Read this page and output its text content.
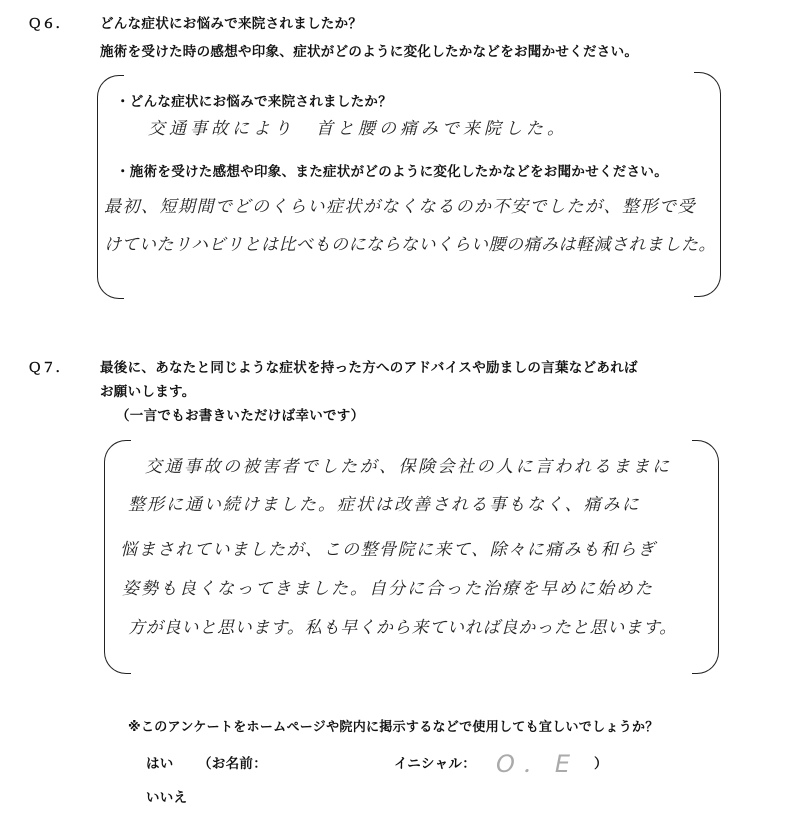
Ｑ６． どんな症状にお悩みで来院されましたか？
施術を受けた時の感想や印象、症状がどのように変化したかなどをお聞かせください。
・どんな症状にお悩みで来院されましたか？
交通事故により　首と腰の痛みで来院した。
・施術を受けた感想や印象、また症状がどのように変化したかなどをお聞かせください。
最初、短期間でどのくらい症状がなくなるのか不安でしたが、整形で受
けていたリハビリとは比べものにならないくらい腰の痛みは軽減されました。
Ｑ７． 最後に、あなたと同じような症状を持った方へのアドバイスや励ましの言葉などあれば
お願いします。
（一言でもお書きいただけば幸いです）
交通事故の被害者でしたが、保険会社の人に言われるままに
整形に通い続けました。症状は改善される事もなく、痛みに
悩まされていましたが、この整骨院に来て、除々に痛みも和らぎ
姿勢も良くなってきました。自分に合った治療を早めに始めた
方が良いと思います。私も早くから来ていれば良かったと思います。
※このアンケートをホームページや院内に掲示するなどで使用しても宜しいでしょうか？
はい （お名前：	イニシャル： O．E ）
いいえ
